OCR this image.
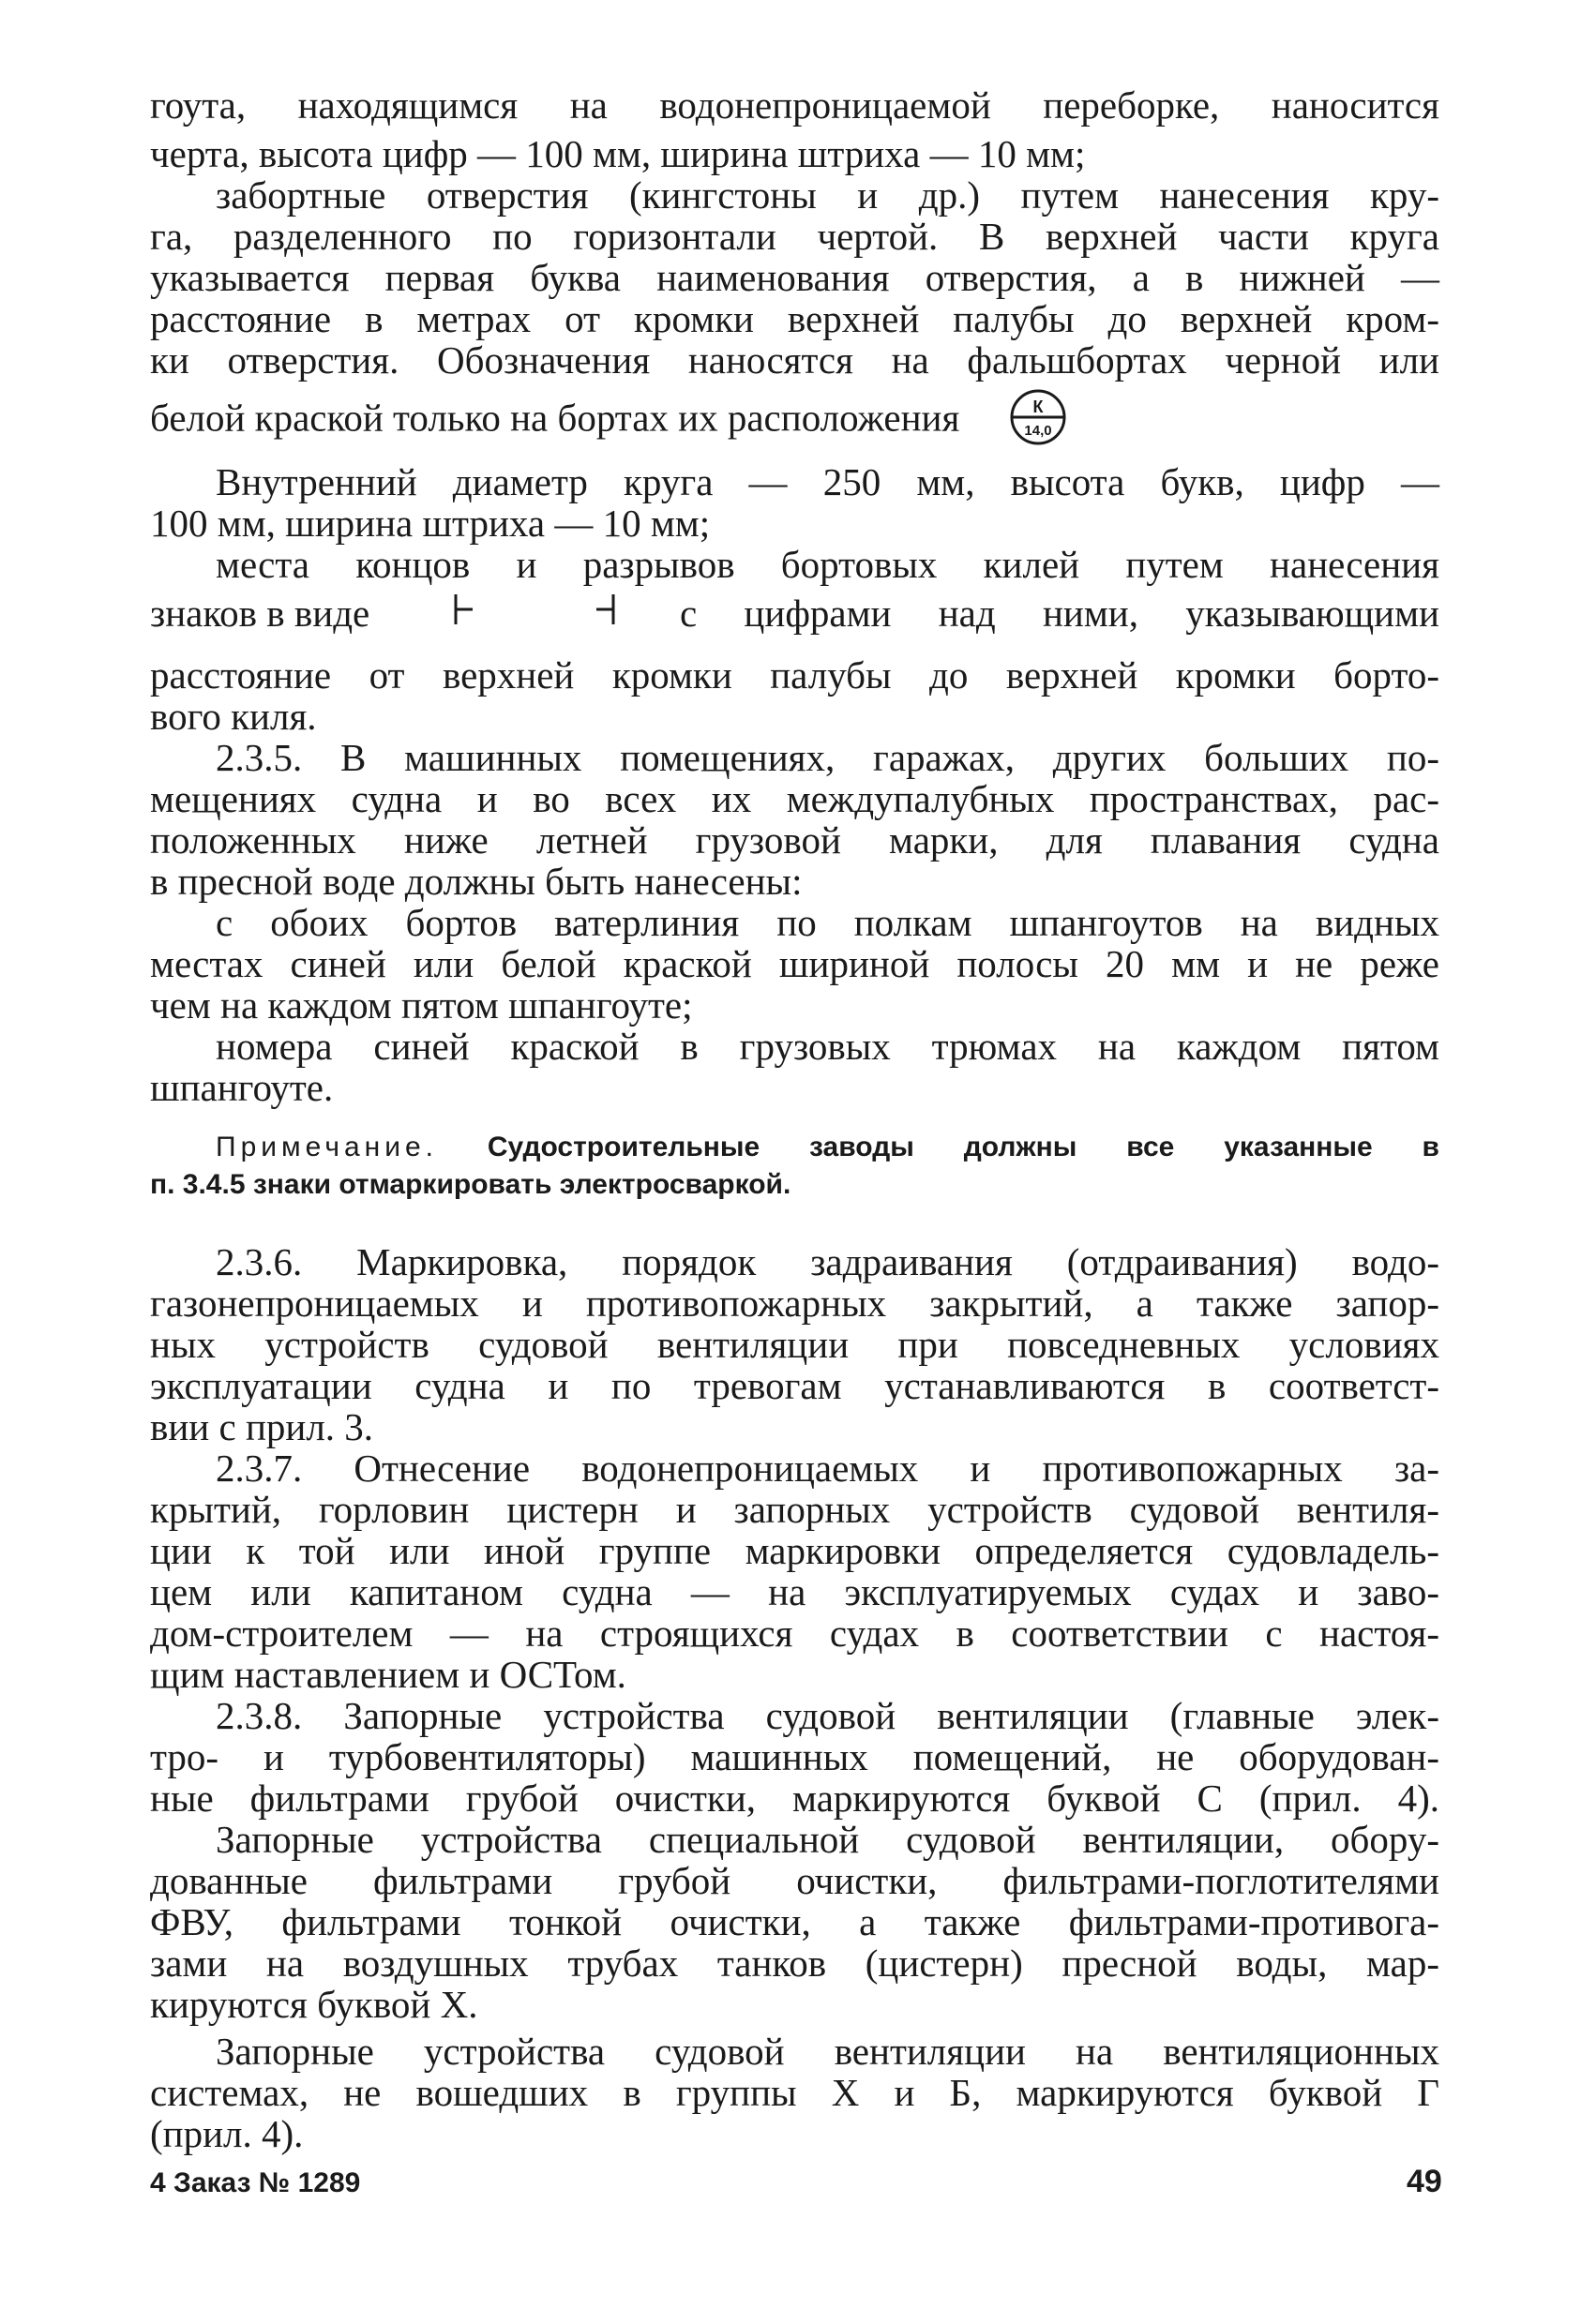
гоута, находящимся на водонепроницаемой переборке, наносится
черта, высота цифр — 100 мм, ширина штриха — 10 мм;
забортные отверстия (кингстоны и др.) путем нанесения кру-
га, разделенного по горизонтали чертой. В верхней части круга
указывается первая буква наименования отверстия, а в нижней —
расстояние в метрах от кромки верхней палубы до верхней кром-
ки отверстия. Обозначения наносятся на фальшбортах черной или
белой краской только на бортах их расположения	К
14,0
Внутренний диаметр круга — 250 мм, высота букв, цифр —
100 мм, ширина штриха — 10 мм;
места концов и разрывов бортовых килей путем нанесения
знаков в виде	с цифрами над ними, указывающими
расстояние от верхней кромки палубы до верхней кромки борто-
вого киля.
2.3.5. В машинных помещениях, гаражах, других больших по-
мещениях судна и во всех их междупалубных пространствах, рас-
положенных ниже летней грузовой марки, для плавания судна
в пресной воде должны быть нанесены:
с обоих бортов ватерлиния по полкам шпангоутов на видных
местах синей или белой краской шириной полосы 20 мм и не реже
чем на каждом пятом шпангоуте;
номера синей краской в грузовых трюмах на каждом пятом
шпангоуте.
Примечание. Судостроительные заводы должны все указанные в
п. 3.4.5 знаки отмаркировать электросваркой.
2.3.6. Маркировка, порядок задраивания (отдраивания) водо-
газонепроницаемых и противопожарных закрытий, а также запор-
ных устройств судовой вентиляции при повседневных условиях
эксплуатации судна и по тревогам устанавливаются в соответст-
вии с прил. 3.
2.3.7. Отнесение водонепроницаемых и противопожарных за-
крытий, горловин цистерн и запорных устройств судовой вентиля-
ции к той или иной группе маркировки определяется судовладель-
цем или капитаном судна — на эксплуатируемых судах и заво-
дом-строителем — на строящихся судах в соответствии с настоя-
щим наставлением и ОСТом.
2.3.8. Запорные устройства судовой вентиляции (главные элек-
тро- и турбовентиляторы) машинных помещений, не оборудован-
ные фильтрами грубой очистки, маркируются буквой С (прил. 4).
Запорные устройства специальной судовой вентиляции, обору-
дованные фильтрами грубой очистки, фильтрами-поглотителями
ФВУ, фильтрами тонкой очистки, а также фильтрами-противога-
зами на воздушных трубах танков (цистерн) пресной воды, мар-
кируются буквой Х.
Запорные устройства судовой вентиляции на вентиляционных
системах, не вошедших в группы Х и Б, маркируются буквой Г
(прил. 4).
4 Заказ № 1289	49
